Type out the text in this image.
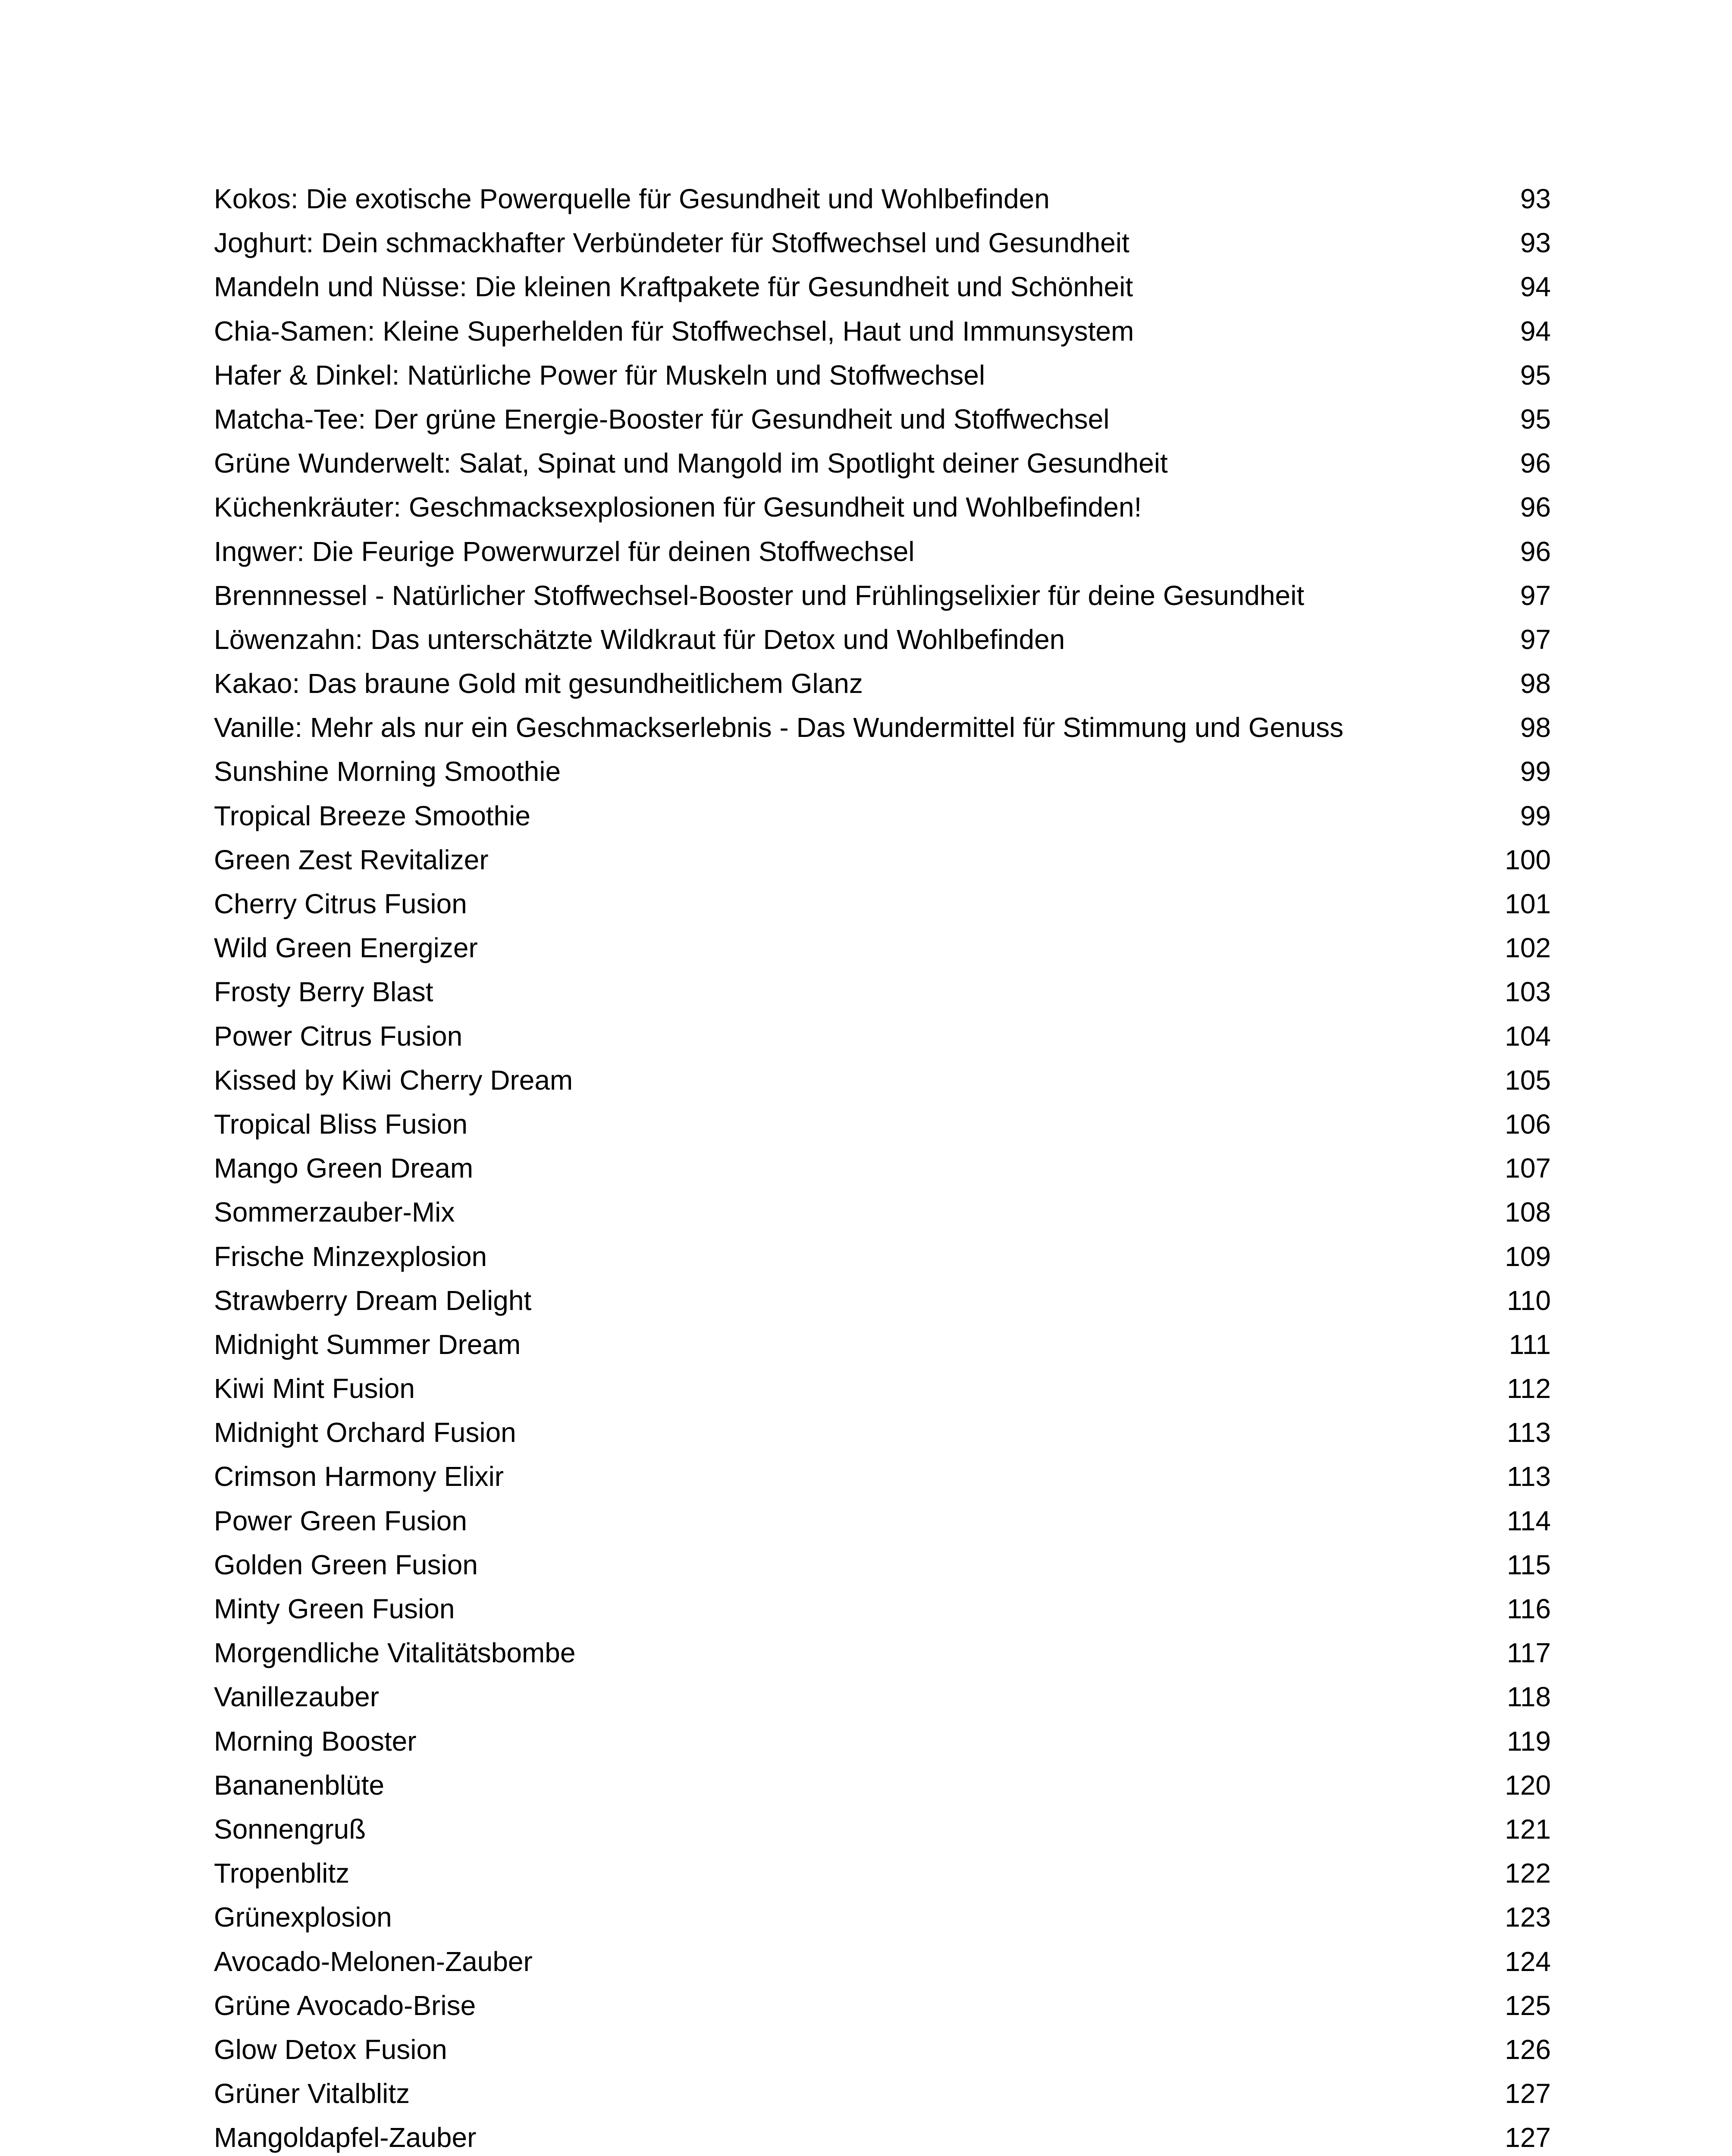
Kokos: Die exotische Powerquelle für Gesundheit und Wohlbefinden	93
Joghurt: Dein schmackhafter Verbündeter für Stoffwechsel und Gesundheit	93
Mandeln und Nüsse: Die kleinen Kraftpakete für Gesundheit und Schönheit	94
Chia-Samen: Kleine Superhelden für Stoffwechsel, Haut und Immunsystem	94
Hafer & Dinkel: Natürliche Power für Muskeln und Stoffwechsel	95
Matcha-Tee: Der grüne Energie-Booster für Gesundheit und Stoffwechsel	95
Grüne Wunderwelt: Salat, Spinat und Mangold im Spotlight deiner Gesundheit	96
Küchenkräuter: Geschmacksexplosionen für Gesundheit und Wohlbefinden!	96
Ingwer: Die Feurige Powerwurzel für deinen Stoffwechsel	96
Brennnessel - Natürlicher Stoffwechsel-Booster und Frühlingselixier für deine Gesundheit	97
Löwenzahn: Das unterschätzte Wildkraut für Detox und Wohlbefinden	97
Kakao: Das braune Gold mit gesundheitlichem Glanz	98
Vanille: Mehr als nur ein Geschmackserlebnis - Das Wundermittel für Stimmung und Genuss	98
Sunshine Morning Smoothie	99
Tropical Breeze Smoothie	99
Green Zest Revitalizer	100
Cherry Citrus Fusion	101
Wild Green Energizer	102
Frosty Berry Blast	103
Power Citrus Fusion	104
Kissed by Kiwi Cherry Dream	105
Tropical Bliss Fusion	106
Mango Green Dream	107
Sommerzauber-Mix	108
Frische Minzexplosion	109
Strawberry Dream Delight	110
Midnight Summer Dream	111
Kiwi Mint Fusion	112
Midnight Orchard Fusion	113
Crimson Harmony Elixir	113
Power Green Fusion	114
Golden Green Fusion	115
Minty Green Fusion	116
Morgendliche Vitalitätsbombe	117
Vanillezauber	118
Morning Booster	119
Bananenblüte	120
Sonnengruß	121
Tropenblitz	122
Grünexplosion	123
Avocado-Melonen-Zauber	124
Grüne Avocado-Brise	125
Glow Detox Fusion	126
Grüner Vitalblitz	127
Mangoldapfel-Zauber	127
